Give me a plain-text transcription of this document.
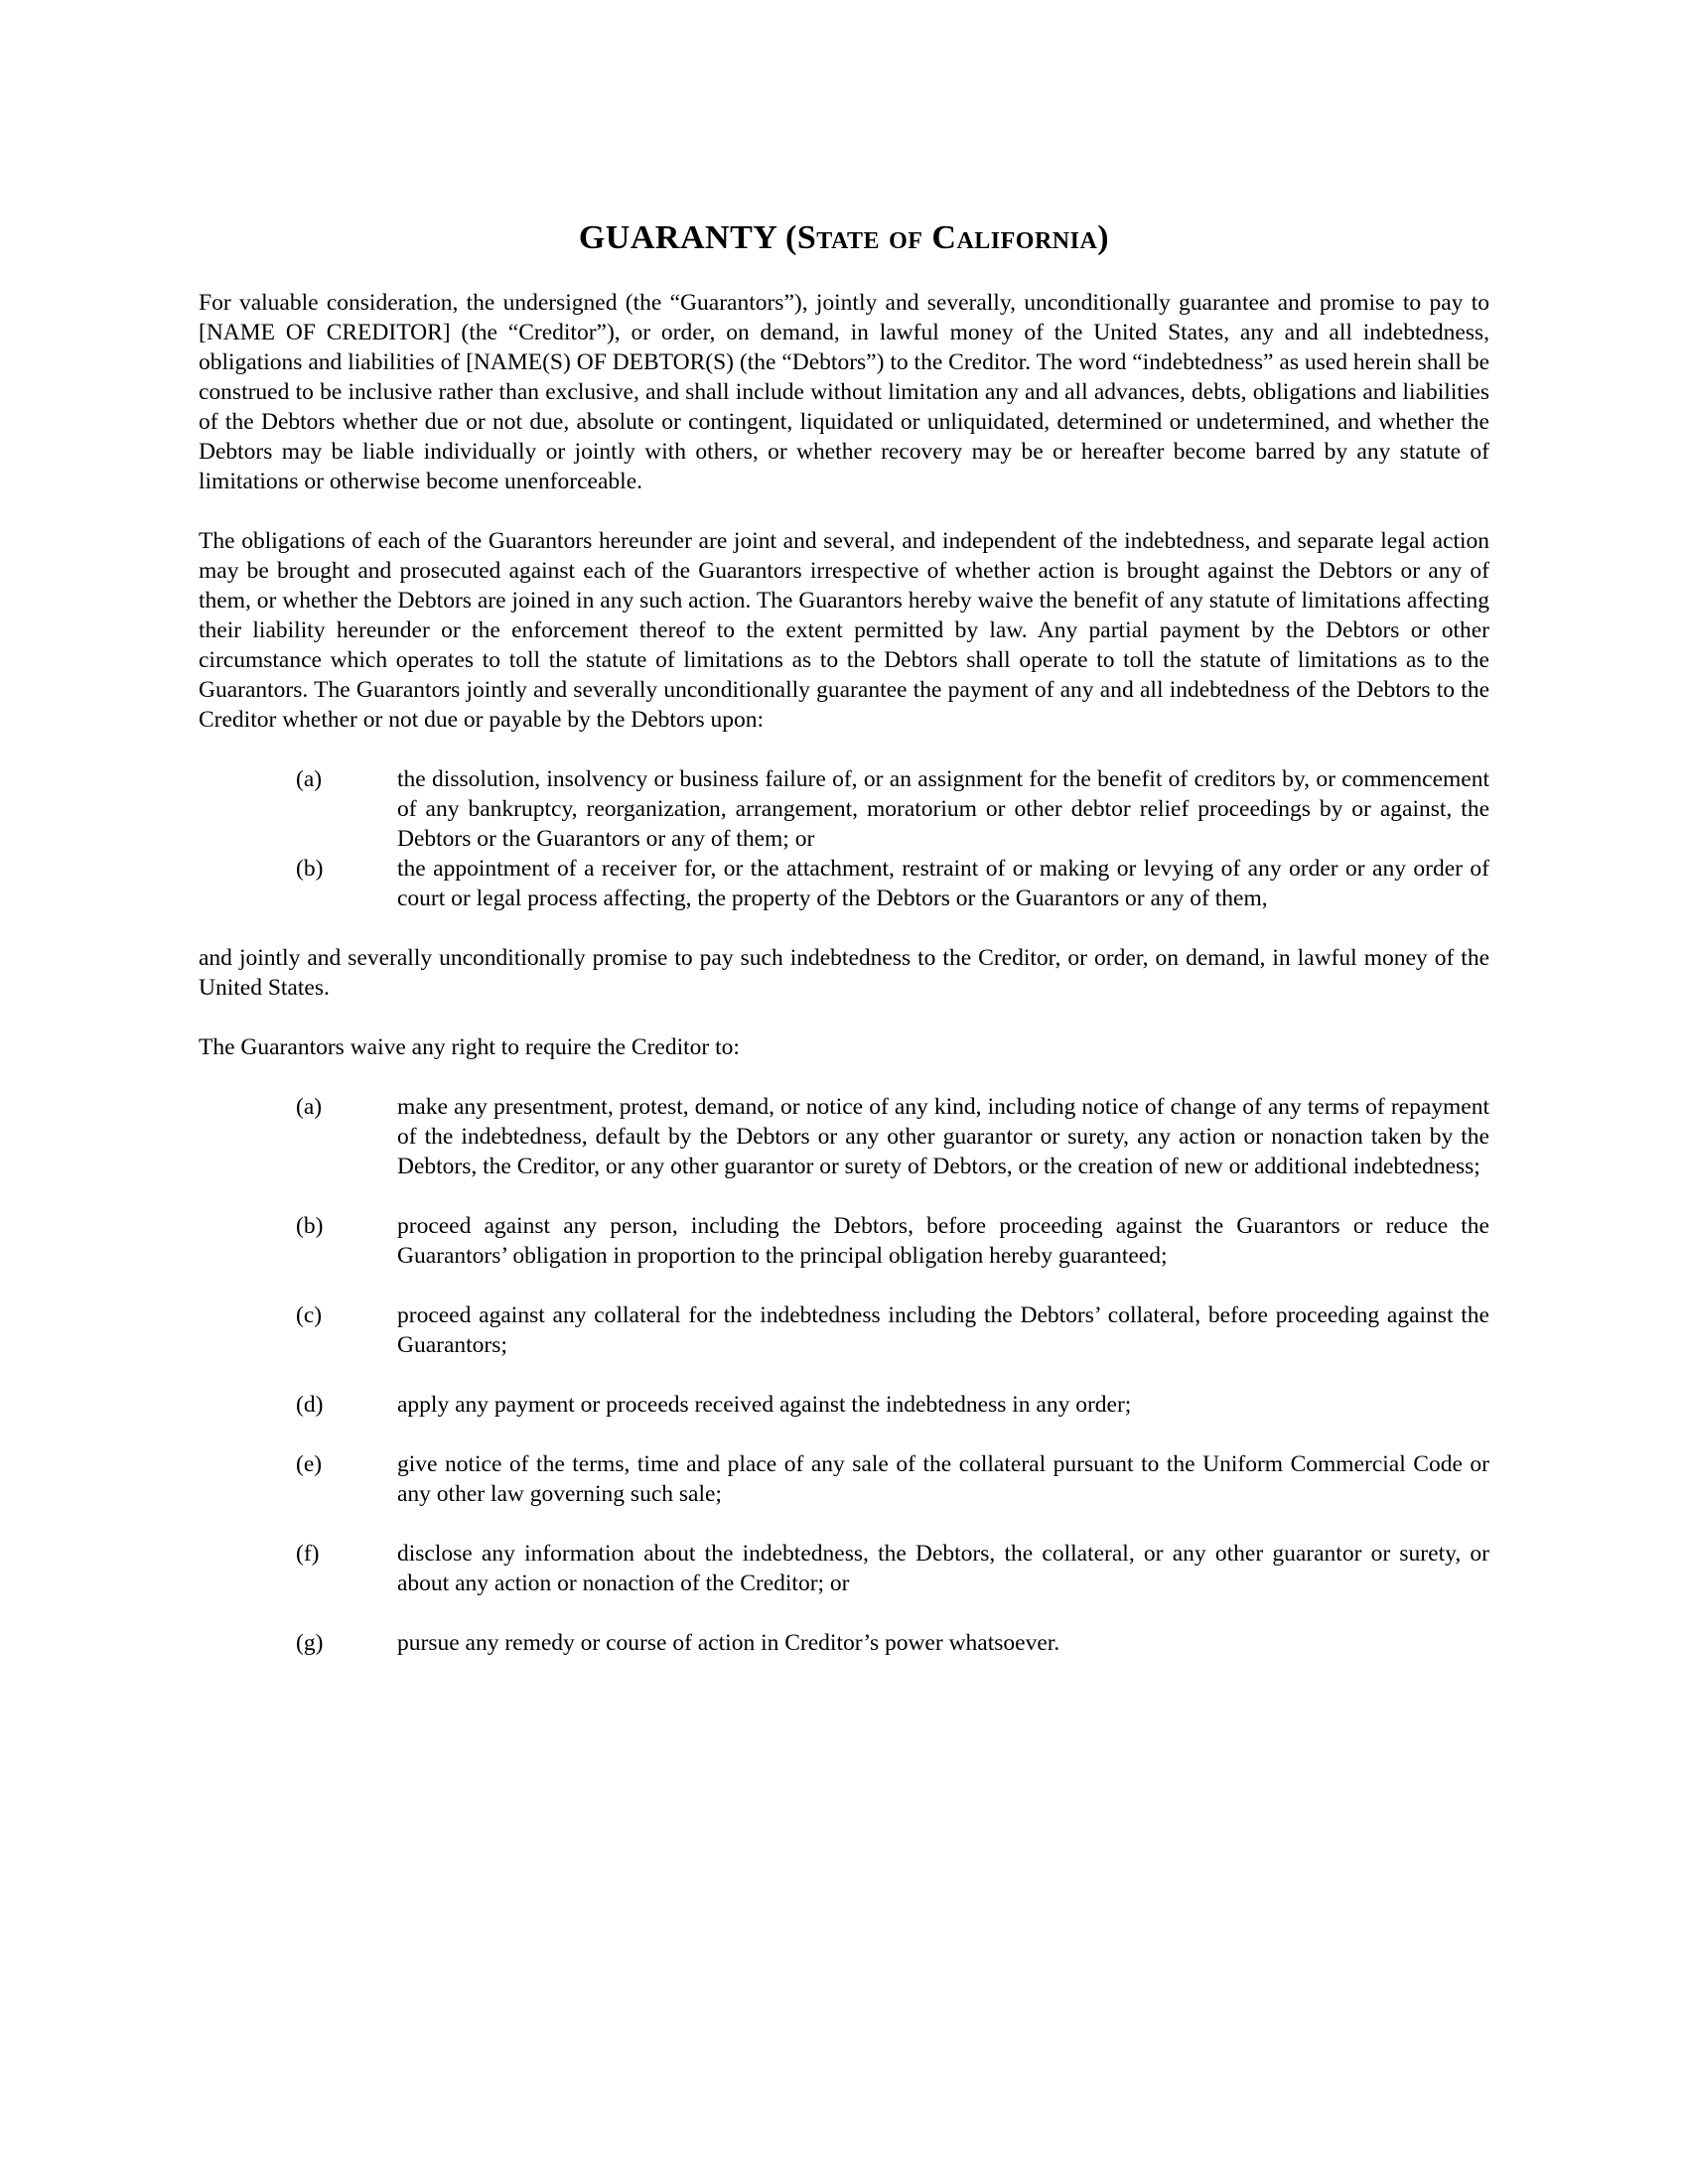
GUARANTY (State of California)

For valuable consideration, the undersigned (the “Guarantors”), jointly and severally, unconditionally guarantee and promise to pay to [NAME OF CREDITOR] (the “Creditor”), or order, on demand, in lawful money of the United States, any and all indebtedness, obligations and liabilities of [NAME(S) OF DEBTOR(S) (the “Debtors”) to the Creditor. The word “indebtedness” as used herein shall be construed to be inclusive rather than exclusive, and shall include without limitation any and all advances, debts, obligations and liabilities of the Debtors whether due or not due, absolute or contingent, liquidated or unliquidated, determined or undetermined, and whether the Debtors may be liable individually or jointly with others, or whether recovery may be or hereafter become barred by any statute of limitations or otherwise become unenforceable.

The obligations of each of the Guarantors hereunder are joint and several, and independent of the indebtedness, and separate legal action may be brought and prosecuted against each of the Guarantors irrespective of whether action is brought against the Debtors or any of them, or whether the Debtors are joined in any such action. The Guarantors hereby waive the benefit of any statute of limitations affecting their liability hereunder or the enforcement thereof to the extent permitted by law. Any partial payment by the Debtors or other circumstance which operates to toll the statute of limitations as to the Debtors shall operate to toll the statute of limitations as to the Guarantors. The Guarantors jointly and severally unconditionally guarantee the payment of any and all indebtedness of the Debtors to the Creditor whether or not due or payable by the Debtors upon:

(a)	the dissolution, insolvency or business failure of, or an assignment for the benefit of creditors by, or commencement of any bankruptcy, reorganization, arrangement, moratorium or other debtor relief proceedings by or against, the Debtors or the Guarantors or any of them; or
(b)	the appointment of a receiver for, or the attachment, restraint of or making or levying of any order or any order of court or legal process affecting, the property of the Debtors or the Guarantors or any of them,

and jointly and severally unconditionally promise to pay such indebtedness to the Creditor, or order, on demand, in lawful money of the United States.

The Guarantors waive any right to require the Creditor to:

(a)	make any presentment, protest, demand, or notice of any kind, including notice of change of any terms of repayment of the indebtedness, default by the Debtors or any other guarantor or surety, any action or nonaction taken by the Debtors, the Creditor, or any other guarantor or surety of Debtors, or the creation of new or additional indebtedness;
(b)	proceed against any person, including the Debtors, before proceeding against the Guarantors or reduce the Guarantors’ obligation in proportion to the principal obligation hereby guaranteed;
(c)	proceed against any collateral for the indebtedness including the Debtors’ collateral, before proceeding against the Guarantors;
(d)	apply any payment or proceeds received against the indebtedness in any order;
(e)	give notice of the terms, time and place of any sale of the collateral pursuant to the Uniform Commercial Code or any other law governing such sale;
(f)	disclose any information about the indebtedness, the Debtors, the collateral, or any other guarantor or surety, or about any action or nonaction of the Creditor; or
(g)	pursue any remedy or course of action in Creditor’s power whatsoever.
